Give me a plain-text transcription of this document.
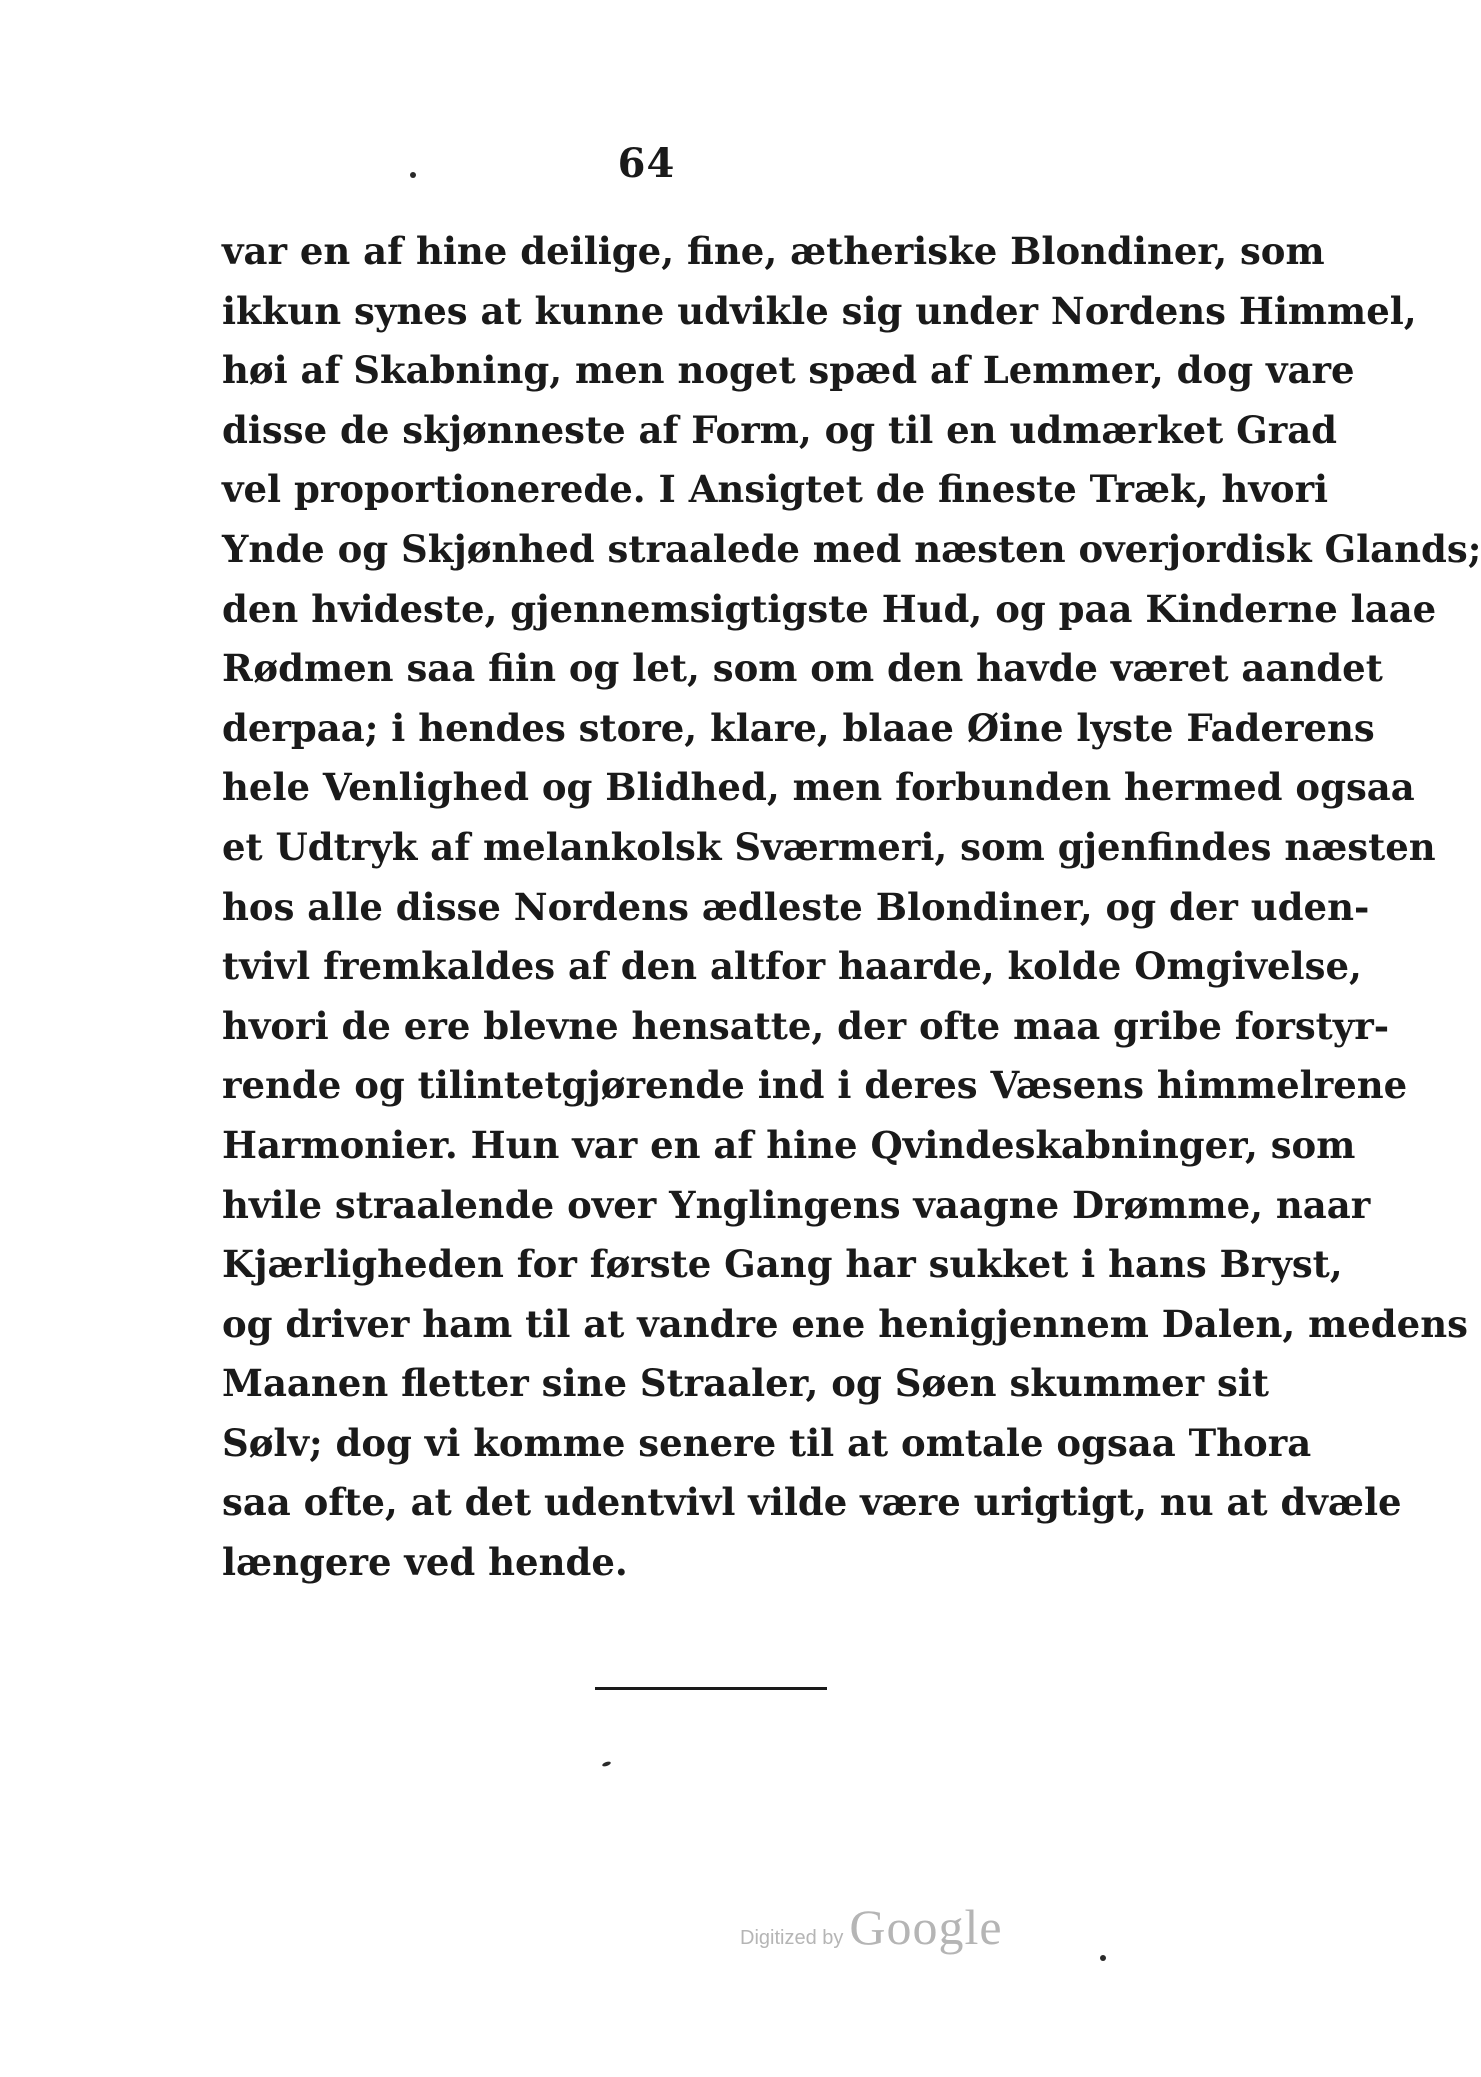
64

var en af hine deilige, fine, ætheriske Blondiner, som
ikkun synes at kunne udvikle sig under Nordens Himmel,
høi af Skabning, men noget spæd af Lemmer, dog vare
disse de skjønneste af Form, og til en udmærket Grad
vel proportionerede. I Ansigtet de fineste Træk, hvori
Ynde og Skjønhed straalede med næsten overjordisk Glands;
den hvideste, gjennemsigtigste Hud, og paa Kinderne laae
Rødmen saa fiin og let, som om den havde været aandet
derpaa; i hendes store, klare, blaae Øine lyste Faderens
hele Venlighed og Blidhed, men forbunden hermed ogsaa
et Udtryk af melankolsk Sværmeri, som gjenfindes næsten
hos alle disse Nordens ædleste Blondiner, og der uden-
tvivl fremkaldes af den altfor haarde, kolde Omgivelse,
hvori de ere blevne hensatte, der ofte maa gribe forstyr-
rende og tilintetgjørende ind i deres Væsens himmelrene
Harmonier. Hun var en af hine Qvindeskabninger, som
hvile straalende over Ynglingens vaagne Drømme, naar
Kjærligheden for første Gang har sukket i hans Bryst,
og driver ham til at vandre ene henigjennem Dalen, medens
Maanen fletter sine Straaler, og Søen skummer sit
Sølv; dog vi komme senere til at omtale ogsaa Thora
saa ofte, at det udentvivl vilde være urigtigt, nu at dvæle
længere ved hende.

Digitized by Google
